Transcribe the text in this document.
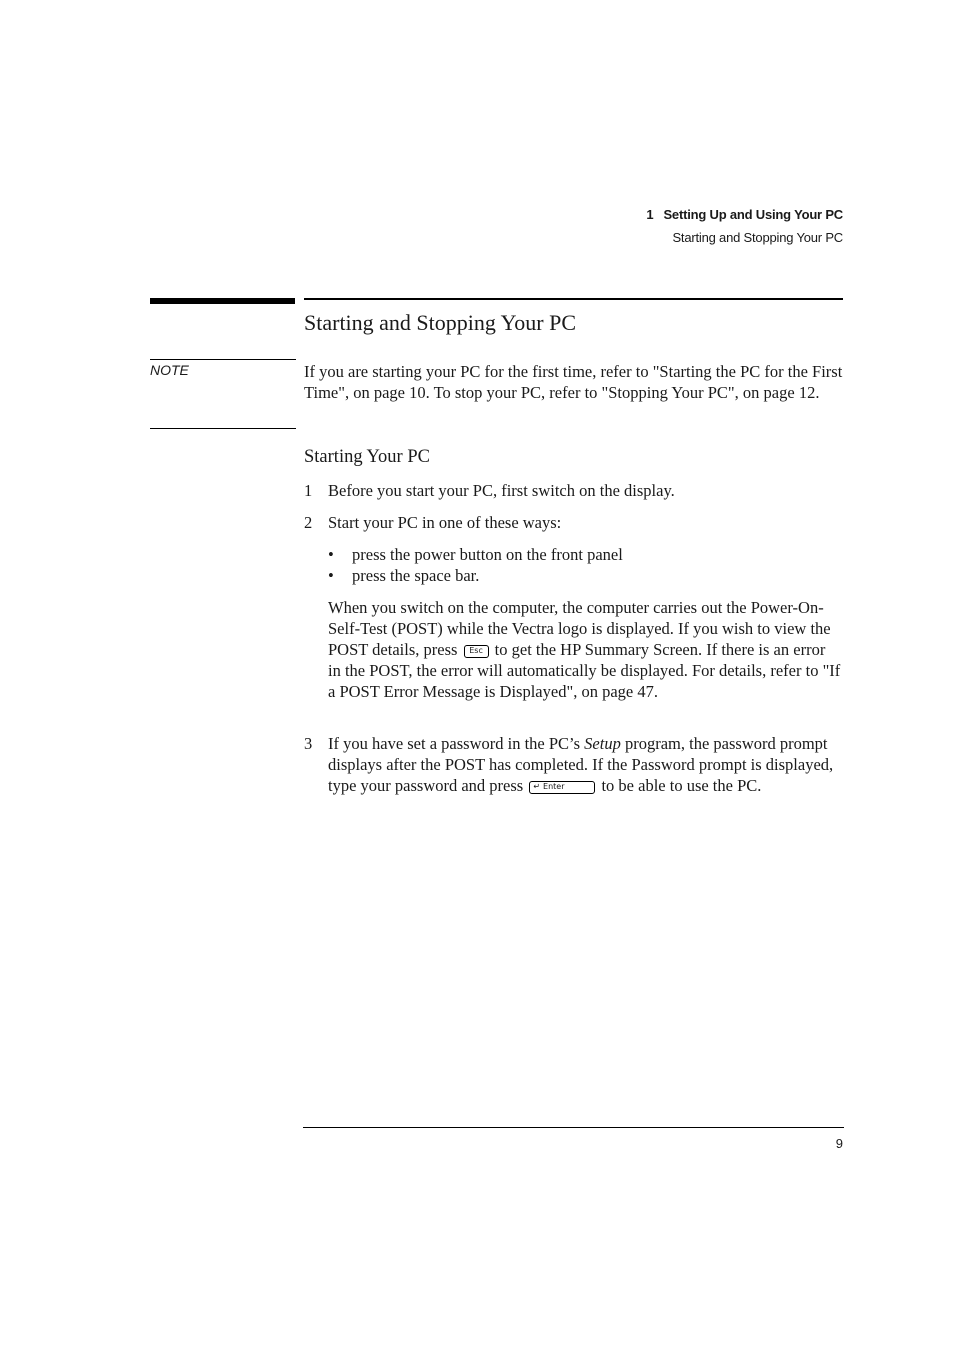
1 Setting Up and Using Your PC
Starting and Stopping Your PC
Starting and Stopping Your PC
NOTE	If you are starting your PC for the first time, refer to "Starting the PC for the First Time", on page 10. To stop your PC, refer to "Stopping Your PC", on page 12.

Starting Your PC
1 Before you start your PC, first switch on the display.
2 Start your PC in one of these ways:
• press the power button on the front panel
• press the space bar.

When you switch on the computer, the computer carries out the Power-On-Self-Test (POST) while the Vectra logo is displayed. If you wish to view the POST details, press Esc to get the HP Summary Screen. If there is an error in the POST, the error will automatically be displayed. For details, refer to "If a POST Error Message is Displayed", on page 47.

3 If you have set a password in the PC’s Setup program, the password prompt displays after the POST has completed. If the Password prompt is displayed, type your password and press ↵ Enter to be able to use the PC.
9
